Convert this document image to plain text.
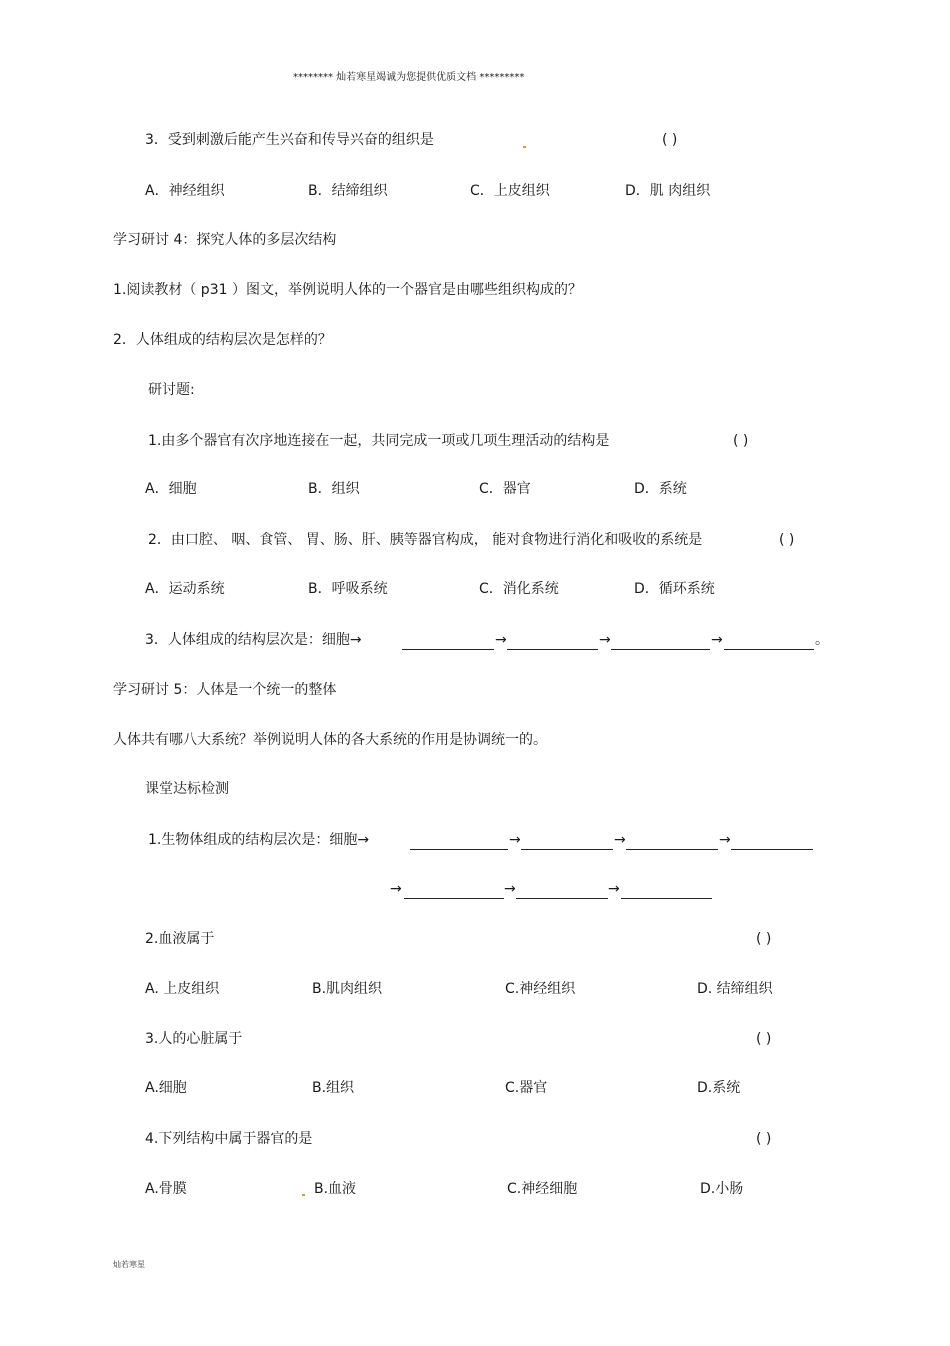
******** 灿若寒星竭诚为您提供优质文档 *********
3．受到刺激后能产生兴奋和传导兴奋的组织是	( )
A．神经组织	B．结缔组织	C．上皮组织	D．肌 肉组织
学习研讨 4：探究人体的多层次结构
1.阅读教材（ p31 ）图文，举例说明人体的一个器官是由哪些组织构成的？
2．人体组成的结构层次是怎样的？
研讨题:
1.由多个器官有次序地连接在一起，共同完成一项或几项生理活动的结构是	( )
A．细胞	B．组织	C．器官	D．系统
2．由口腔、 咽、食管、 胃、肠、肝、胰等器官构成， 能对食物进行消化和吸收的系统是	( )
A．运动系统	B．呼吸系统	C．消化系统	D．循环系统
3．人体组成的结构层次是：细胞→	→	→	→	。
学习研讨 5：人体是一个统一的整体
人体共有哪八大系统？举例说明人体的各大系统的作用是协调统一的。
课堂达标检测
1.生物体组成的结构层次是：细胞→	→	→	→
→	→	→
2.血液属于	( )
A. 上皮组织	B.肌肉组织	C.神经组织	D. 结缔组织
3.人的心脏属于	( )
A.细胞	B.组织	C.器官	D.系统
4.下列结构中属于器官的是	( )
A.骨膜	B.血液	C.神经细胞	D.小肠
灿若寒星
